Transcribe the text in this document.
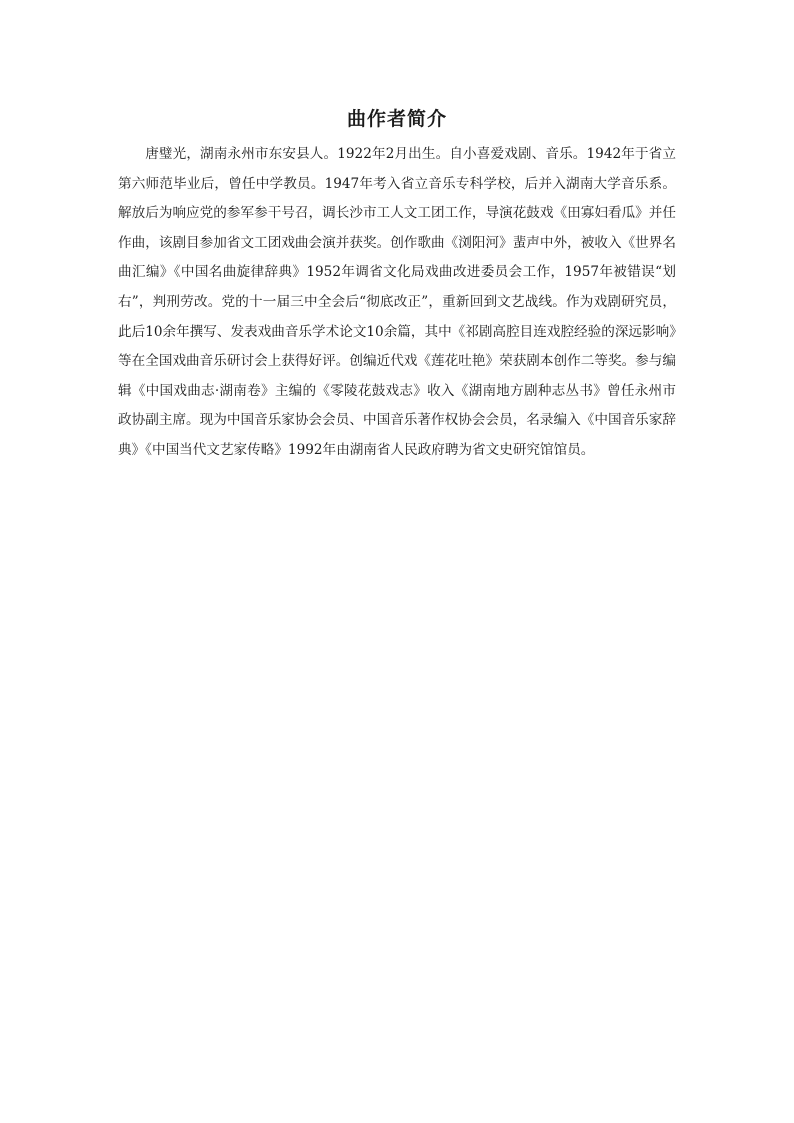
曲作者简介

唐璧光，湖南永州市东安县人。1922年2月出生。自小喜爱戏剧、音乐。1942年于省立第六师范毕业后，曾任中学教员。1947年考入省立音乐专科学校，后并入湖南大学音乐系。解放后为响应党的参军参干号召，调长沙市工人文工团工作，导演花鼓戏《田寡妇看瓜》并任作曲，该剧目参加省文工团戏曲会演并获奖。创作歌曲《浏阳河》蜚声中外，被收入《世界名曲汇编》《中国名曲旋律辞典》1952年调省文化局戏曲改进委员会工作，1957年被错误“划右”，判刑劳改。党的十一届三中全会后“彻底改正”，重新回到文艺战线。作为戏剧研究员，此后10余年撰写、发表戏曲音乐学术论文10余篇，其中《祁剧高腔目连戏腔经验的深远影响》等在全国戏曲音乐研讨会上获得好评。创编近代戏《莲花吐艳》荣获剧本创作二等奖。参与编辑《中国戏曲志·湖南卷》主编的《零陵花鼓戏志》收入《湖南地方剧种志丛书》曾任永州市政协副主席。现为中国音乐家协会会员、中国音乐著作权协会会员，名录编入《中国音乐家辞典》《中国当代文艺家传略》1992年由湖南省人民政府聘为省文史研究馆馆员。
